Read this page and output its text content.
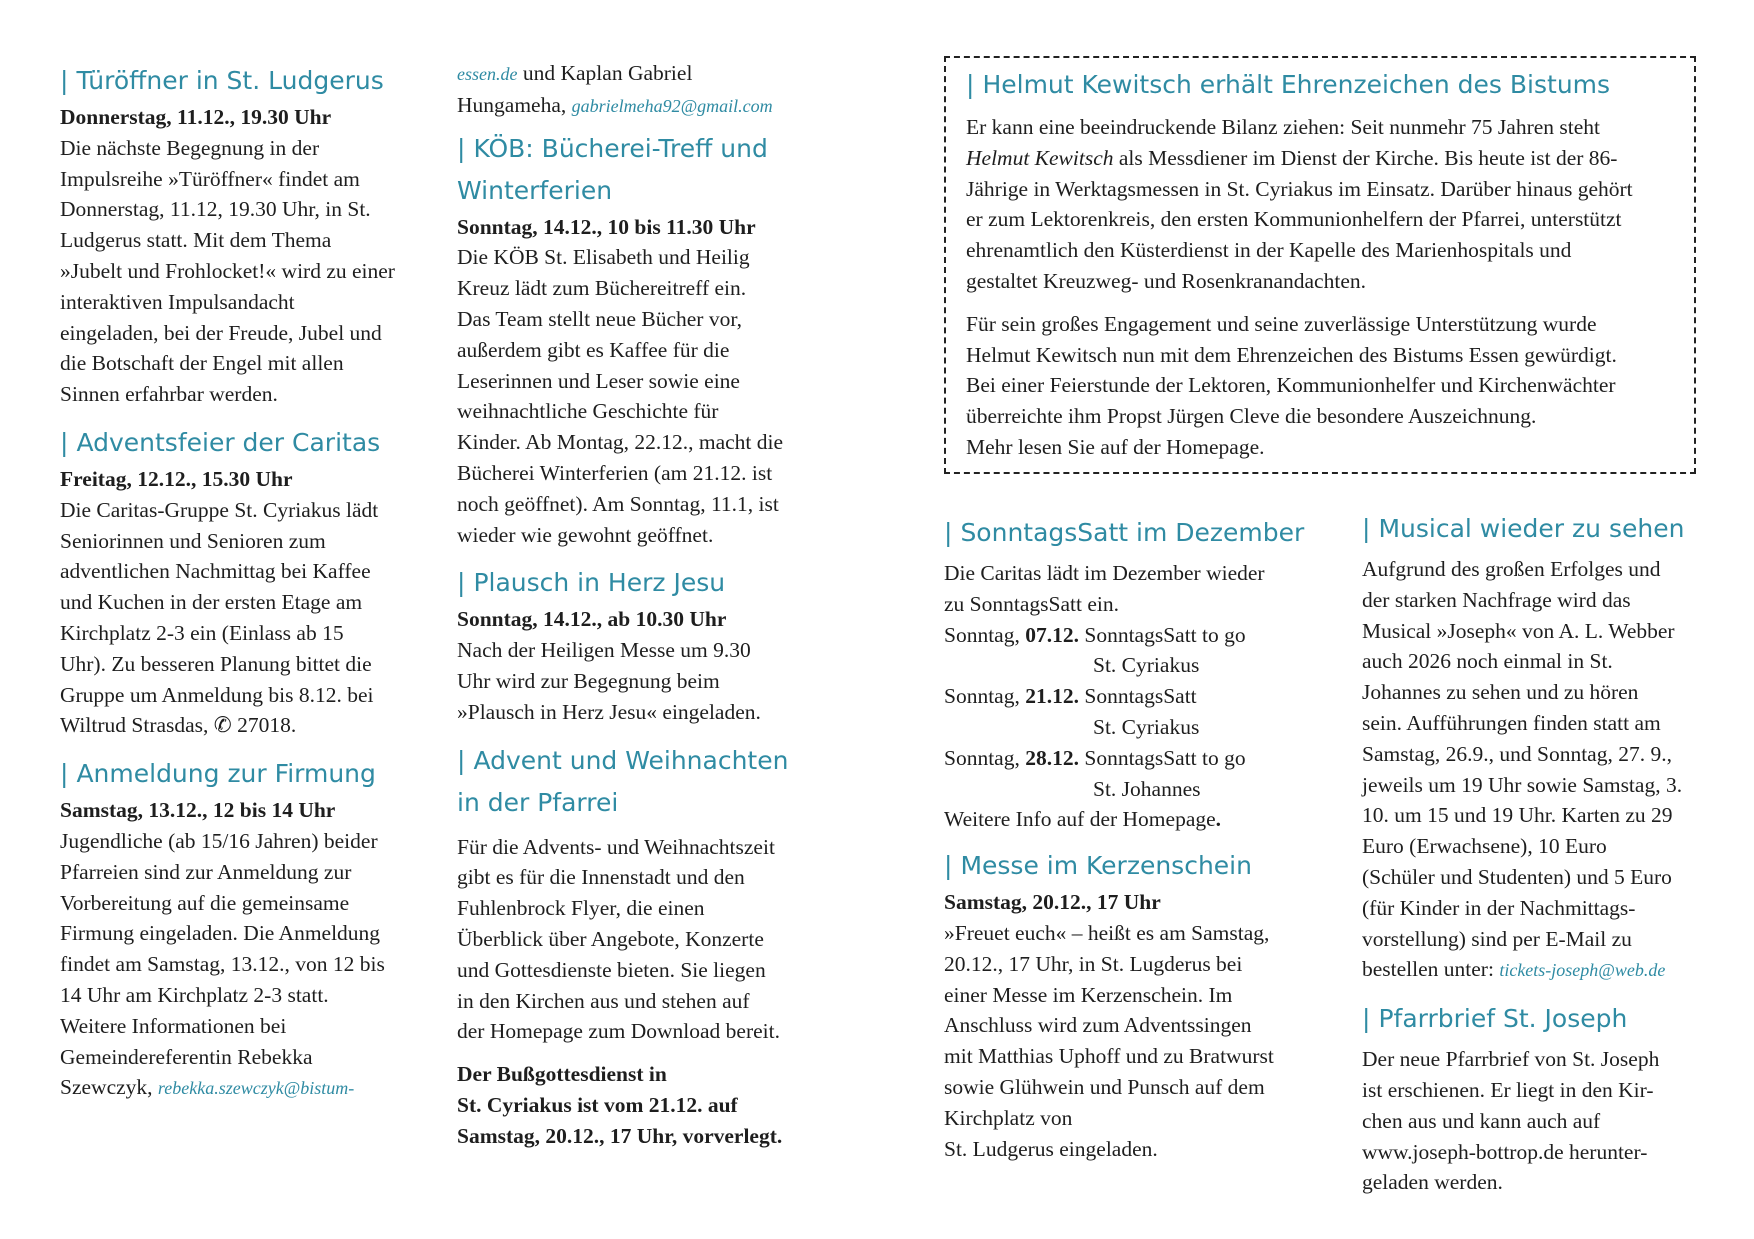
| Türöffner in St. Ludgerus

Donnerstag, 11.12., 19.30 Uhr

Die nächste Begegnung in der

Impulsreihe »Türöffner« findet am

Donnerstag, 11.12, 19.30 Uhr, in St.

Ludgerus statt. Mit dem Thema

»Jubelt und Frohlocket!« wird zu einer

interaktiven Impulsandacht

eingeladen, bei der Freude, Jubel und

die Botschaft der Engel mit allen

Sinnen erfahrbar werden.

| Adventsfeier der Caritas

Freitag, 12.12., 15.30 Uhr

Die Caritas-Gruppe St. Cyriakus lädt

Seniorinnen und Senioren zum

adventlichen Nachmittag bei Kaffee

und Kuchen in der ersten Etage am

Kirchplatz 2-3 ein (Einlass ab 15

Uhr). Zu besseren Planung bittet die

Gruppe um Anmeldung bis 8.12. bei

Wiltrud Strasdas, ✆ 27018.

| Anmeldung zur Firmung

Samstag, 13.12., 12 bis 14 Uhr

Jugendliche (ab 15/16 Jahren) beider

Pfarreien sind zur Anmeldung zur

Vorbereitung auf die gemeinsame

Firmung eingeladen. Die Anmeldung

findet am Samstag, 13.12., von 12 bis

14 Uhr am Kirchplatz 2-3 statt.

Weitere Informationen bei

Gemeindereferentin Rebekka

Szewczyk, rebekka.szewczyk@bistum-

essen.de und Kaplan Gabriel

Hungameha, gabrielmeha92@gmail.com

| KÖB: Bücherei-Treff und
Winterferien

Sonntag, 14.12., 10 bis 11.30 Uhr

Die KÖB St. Elisabeth und Heilig

Kreuz lädt zum Büchereitreff ein.

Das Team stellt neue Bücher vor,

außerdem gibt es Kaffee für die

Leserinnen und Leser sowie eine

weihnachtliche Geschichte für

Kinder. Ab Montag, 22.12., macht die

Bücherei Winterferien (am 21.12. ist

noch geöffnet). Am Sonntag, 11.1, ist

wieder wie gewohnt geöffnet.

| Plausch in Herz Jesu

Sonntag, 14.12., ab 10.30 Uhr

Nach der Heiligen Messe um 9.30

Uhr wird zur Begegnung beim

»Plausch in Herz Jesu« eingeladen.

| Advent und Weihnachten
in der Pfarrei

Für die Advents- und Weihnachtszeit

gibt es für die Innenstadt und den

Fuhlenbrock Flyer, die einen

Überblick über Angebote, Konzerte

und Gottesdienste bieten. Sie liegen

in den Kirchen aus und stehen auf

der Homepage zum Download bereit.

Der Bußgottesdienst in

St. Cyriakus ist vom 21.12. auf

Samstag, 20.12., 17 Uhr, vorverlegt.

| Helmut Kewitsch erhält Ehrenzeichen des Bistums

Er kann eine beeindruckende Bilanz ziehen: Seit nunmehr 75 Jahren steht

Helmut Kewitsch als Messdiener im Dienst der Kirche. Bis heute ist der 86-

Jährige in Werktagsmessen in St. Cyriakus im Einsatz. Darüber hinaus gehört

er zum Lektorenkreis, den ersten Kommunionhelfern der Pfarrei, unterstützt

ehrenamtlich den Küsterdienst in der Kapelle des Marienhospitals und

gestaltet Kreuzweg- und Rosenkranandachten.

Für sein großes Engagement und seine zuverlässige Unterstützung wurde

Helmut Kewitsch nun mit dem Ehrenzeichen des Bistums Essen gewürdigt.

Bei einer Feierstunde der Lektoren, Kommunionhelfer und Kirchenwächter

überreichte ihm Propst Jürgen Cleve die besondere Auszeichnung.

Mehr lesen Sie auf der Homepage.

| SonntagsSatt im Dezember

Die Caritas lädt im Dezember wieder

zu SonntagsSatt ein.

Sonntag, 07.12. SonntagsSatt to go

St. Cyriakus

Sonntag, 21.12. SonntagsSatt

St. Cyriakus

Sonntag, 28.12. SonntagsSatt to go

St. Johannes

Weitere Info auf der Homepage.

| Messe im Kerzenschein

Samstag, 20.12., 17 Uhr

»Freuet euch« – heißt es am Samstag,

20.12., 17 Uhr, in St. Lugderus bei

einer Messe im Kerzenschein. Im

Anschluss wird zum Adventssingen

mit Matthias Uphoff und zu Bratwurst

sowie Glühwein und Punsch auf dem

Kirchplatz von

St. Ludgerus eingeladen.

| Musical wieder zu sehen

Aufgrund des großen Erfolges und

der starken Nachfrage wird das

Musical »Joseph« von A. L. Webber

auch 2026 noch einmal in St.

Johannes zu sehen und zu hören

sein. Aufführungen finden statt am

Samstag, 26.9., und Sonntag, 27. 9.,

jeweils um 19 Uhr sowie Samstag, 3.

10. um 15 und 19 Uhr. Karten zu 29

Euro (Erwachsene), 10 Euro

(Schüler und Studenten) und 5 Euro

(für Kinder in der Nachmittags-

vorstellung) sind per E-Mail zu

bestellen unter: tickets-joseph@web.de

| Pfarrbrief St. Joseph

Der neue Pfarrbrief von St. Joseph

ist erschienen. Er liegt in den Kir-

chen aus und kann auch auf

www.joseph-bottrop.de herunter-

geladen werden.
